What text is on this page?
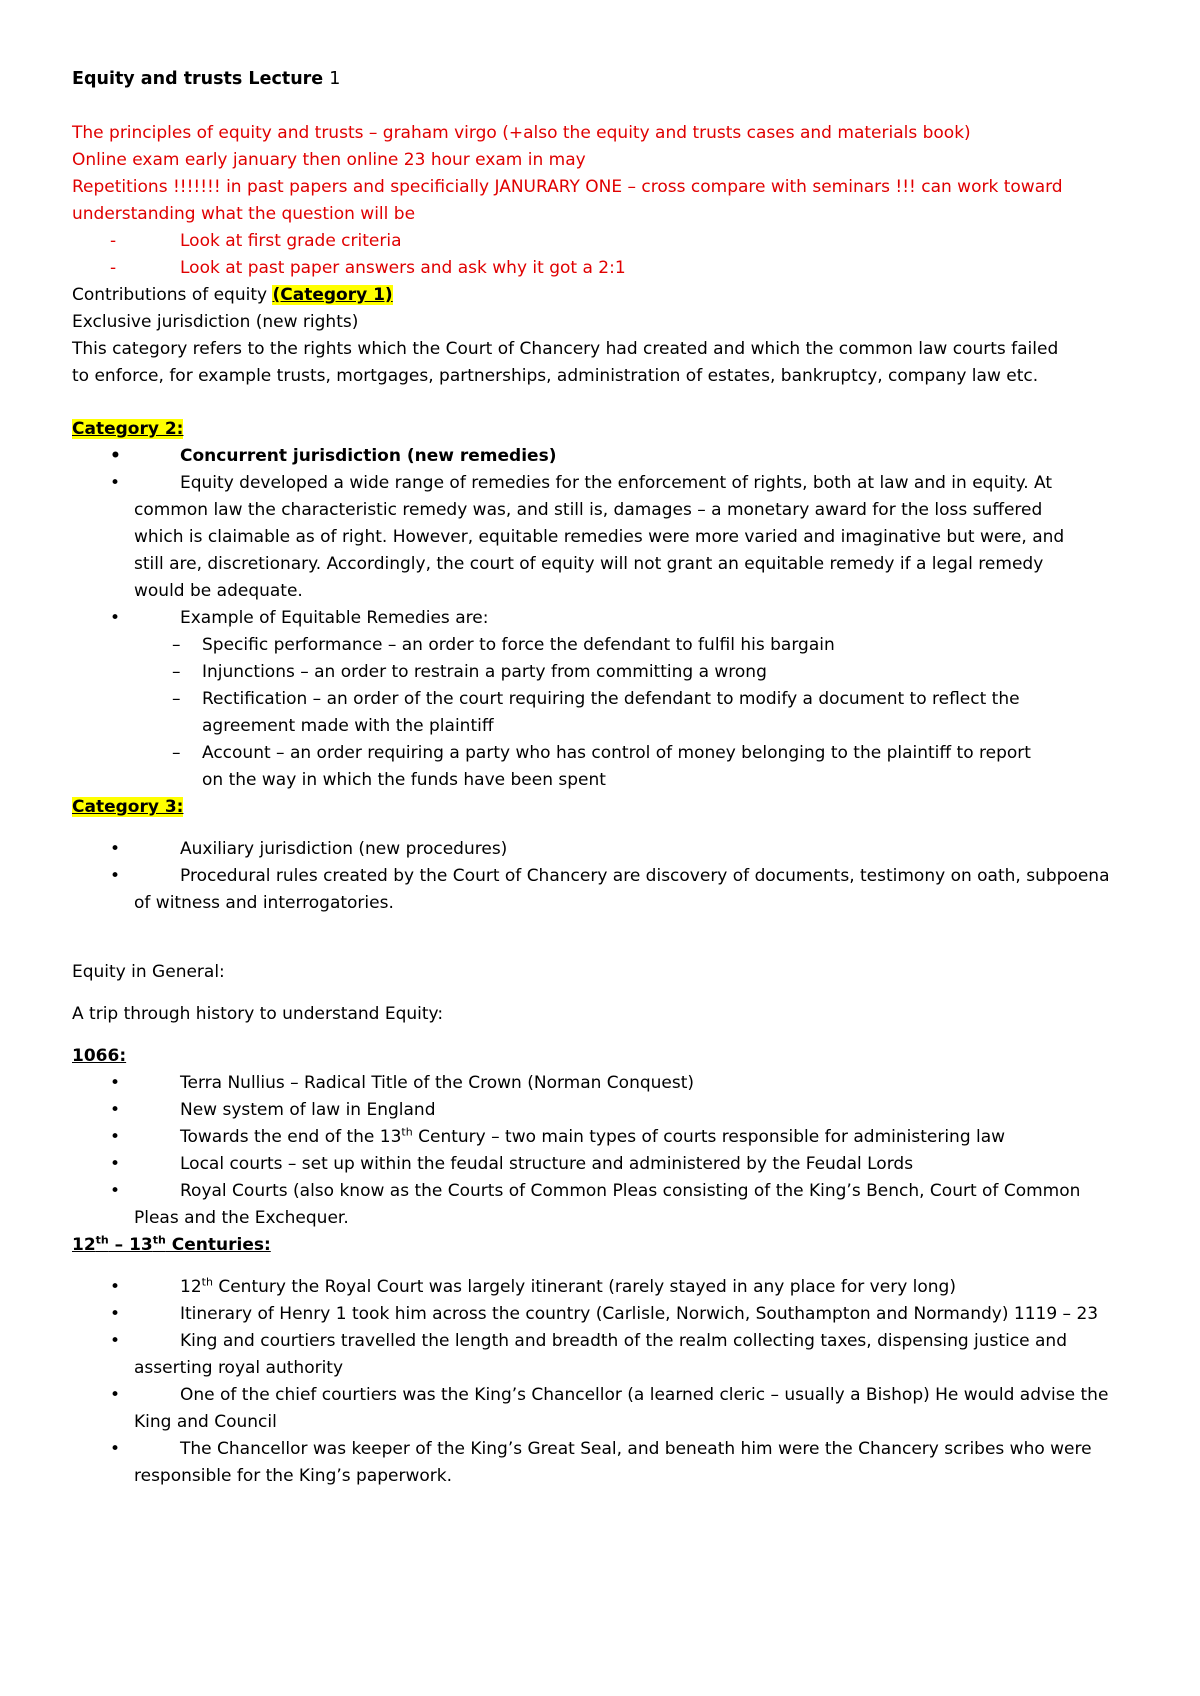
Equity and trusts Lecture 1
The principles of equity and trusts – graham virgo (+also the equity and trusts cases and materials book)
Online exam early january then online 23 hour exam in may
Repetitions !!!!!!! in past papers and specificially JANURARY ONE – cross compare with seminars !!! can work toward
understanding what the question will be
-	Look at first grade criteria
-	Look at past paper answers and ask why it got a 2:1
Contributions of equity (Category 1)
Exclusive jurisdiction (new rights)
This category refers to the rights which the Court of Chancery had created and which the common law courts failed
to enforce, for example trusts, mortgages, partnerships, administration of estates, bankruptcy, company law etc.
Category 2:
•	Concurrent jurisdiction (new remedies)
•	Equity developed a wide range of remedies for the enforcement of rights, both at law and in equity. At
common law the characteristic remedy was, and still is, damages – a monetary award for the loss suffered
which is claimable as of right. However, equitable remedies were more varied and imaginative but were, and
still are, discretionary. Accordingly, the court of equity will not grant an equitable remedy if a legal remedy
would be adequate.
•	Example of Equitable Remedies are:
– Specific performance – an order to force the defendant to fulfil his bargain
– Injunctions – an order to restrain a party from committing a wrong
– Rectification – an order of the court requiring the defendant to modify a document to reflect the
agreement made with the plaintiff
– Account – an order requiring a party who has control of money belonging to the plaintiff to report
on the way in which the funds have been spent
Category 3:
•	Auxiliary jurisdiction (new procedures)
•	Procedural rules created by the Court of Chancery are discovery of documents, testimony on oath, subpoena
of witness and interrogatories.
Equity in General:
A trip through history to understand Equity:
1066:
•	Terra Nullius – Radical Title of the Crown (Norman Conquest)
•	New system of law in England
•	Towards the end of the 13th Century – two main types of courts responsible for administering law
•	Local courts – set up within the feudal structure and administered by the Feudal Lords
•	Royal Courts (also know as the Courts of Common Pleas consisting of the King’s Bench, Court of Common
Pleas and the Exchequer.
12th – 13th Centuries:
•	12th Century the Royal Court was largely itinerant (rarely stayed in any place for very long)
•	Itinerary of Henry 1 took him across the country (Carlisle, Norwich, Southampton and Normandy) 1119 – 23
•	King and courtiers travelled the length and breadth of the realm collecting taxes, dispensing justice and
asserting royal authority
•	One of the chief courtiers was the King’s Chancellor (a learned cleric – usually a Bishop) He would advise the
King and Council
•	The Chancellor was keeper of the King’s Great Seal, and beneath him were the Chancery scribes who were
responsible for the King’s paperwork.
